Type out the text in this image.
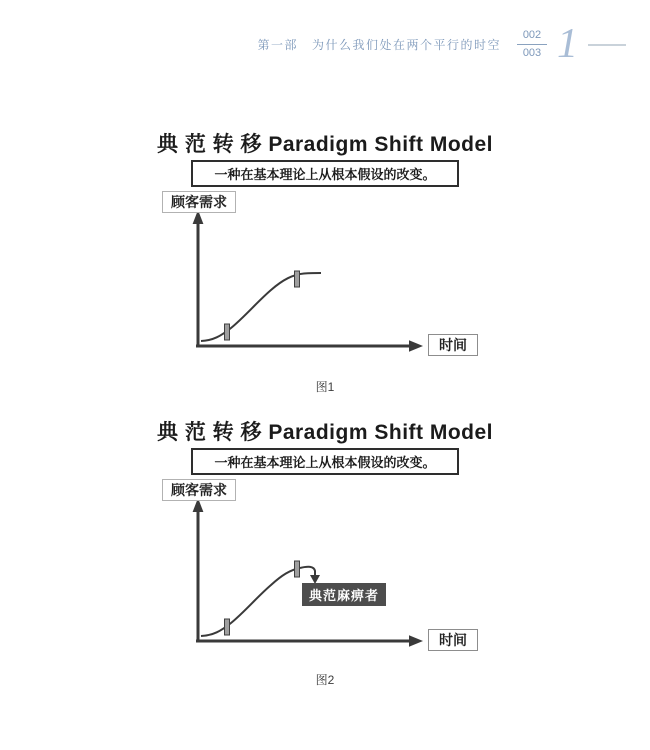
第一部 为什么我们处在两个平行的时空 $\frac{002}{003} 1$
典 范 转 移 Paradigm Shift Model
一种在基本理论上从根本假设的改变。
顾客需求
时间
图1
典 范 转 移 Paradigm Shift Model
一种在基本理论上从根本假设的改变。
顾客需求
时间
典范麻痹者
图2
